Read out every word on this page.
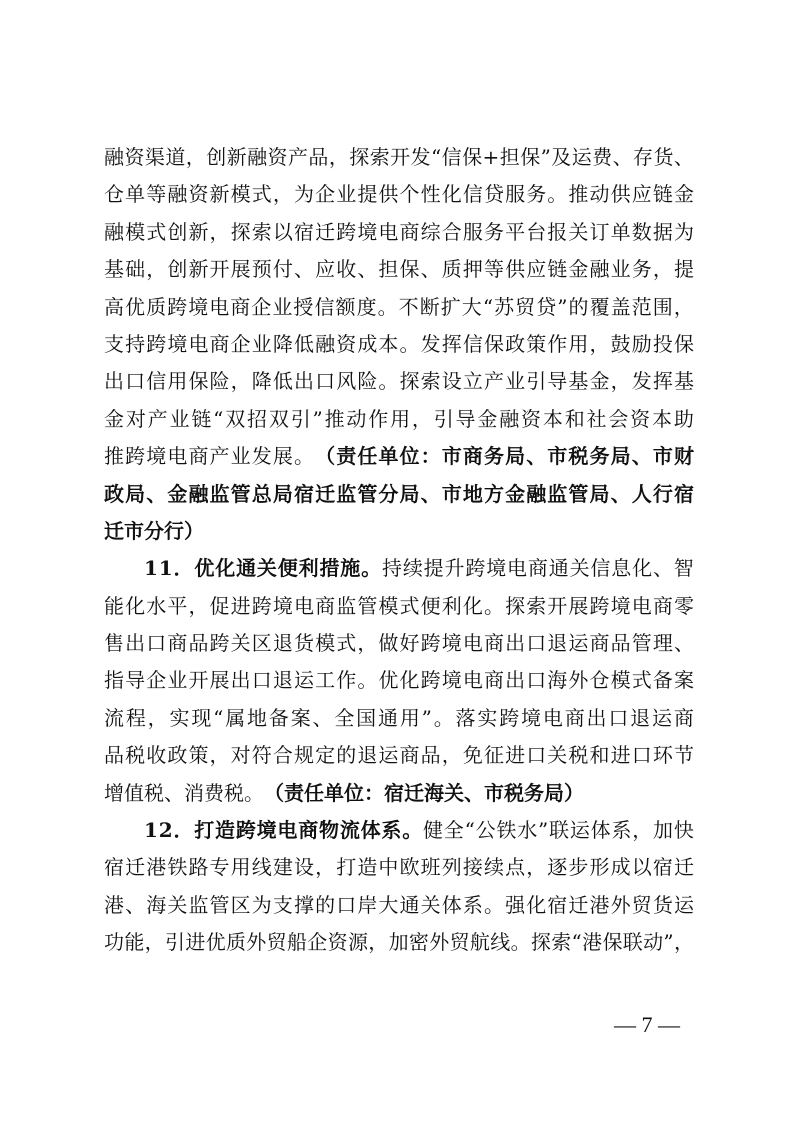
融 资 渠 道 ， 创 新 融 资 产 品 ， 探 索 开 发 “ 信 保 + 担 保 ” 及 运 费 、 存 货 、
仓 单 等 融 资 新 模 式 ， 为 企 业 提 供 个 性 化 信 贷 服 务 。 推 动 供 应 链 金
融 模 式 创 新 ， 探 索 以 宿 迁 跨 境 电 商 综 合 服 务 平 台 报 关 订 单 数 据 为
基 础 ， 创 新 开 展 预 付 、 应 收 、 担 保 、 质 押 等 供 应 链 金 融 业 务 ， 提
高 优 质 跨 境 电 商 企 业 授 信 额 度 。 不 断 扩 大 “ 苏 贸 贷 ” 的 覆 盖 范 围 ，
支 持 跨 境 电 商 企 业 降 低 融 资 成 本 。 发 挥 信 保 政 策 作 用 ， 鼓 励 投 保
出 口 信 用 保 险 ， 降 低 出 口 风 险 。 探 索 设 立 产 业 引 导 基 金 ， 发 挥 基
金 对 产 业 链 “ 双 招 双 引 ” 推 动 作 用 ， 引 导 金 融 资 本 和 社 会 资 本 助
推 跨 境 电 商 产 业 发 展 。 （ 责 任 单 位 ： 市 商 务 局 、 市 税 务 局 、 市 财
政 局 、 金 融 监 管 总 局 宿 迁 监 管 分 局 、 市 地 方 金 融 监 管 局 、 人 行 宿
迁市分行）
1 1 ． 优 化 通 关 便 利 措 施 。 持 续 提 升 跨 境 电 商 通 关 信 息 化 、 智
能 化 水 平 ， 促 进 跨 境 电 商 监 管 模 式 便 利 化 。 探 索 开 展 跨 境 电 商 零
售 出 口 商 品 跨 关 区 退 货 模 式 ， 做 好 跨 境 电 商 出 口 退 运 商 品 管 理 、
指 导 企 业 开 展 出 口 退 运 工 作 。 优 化 跨 境 电 商 出 口 海 外 仓 模 式 备 案
流 程 ， 实 现 “ 属 地 备 案 、 全 国 通 用 ” 。 落 实 跨 境 电 商 出 口 退 运 商
品 税 收 政 策 ， 对 符 合 规 定 的 退 运 商 品 ， 免 征 进 口 关 税 和 进 口 环 节
增值税、消费税。 （责任单位：宿迁海关、市税务局）
1 2 ． 打 造 跨 境 电 商 物 流 体 系 。 健 全 “ 公 铁 水 ” 联 运 体 系 ， 加 快
宿 迁 港 铁 路 专 用 线 建 设 ， 打 造 中 欧 班 列 接 续 点 ， 逐 步 形 成 以 宿 迁
港 、 海 关 监 管 区 为 支 撑 的 口 岸 大 通 关 体 系 。 强 化 宿 迁 港 外 贸 货 运
功 能 ， 引 进 优 质 外 贸 船 企 资 源 ， 加 密 外 贸 航 线 。 探 索 “ 港 保 联 动 ” ，
— 7 —
